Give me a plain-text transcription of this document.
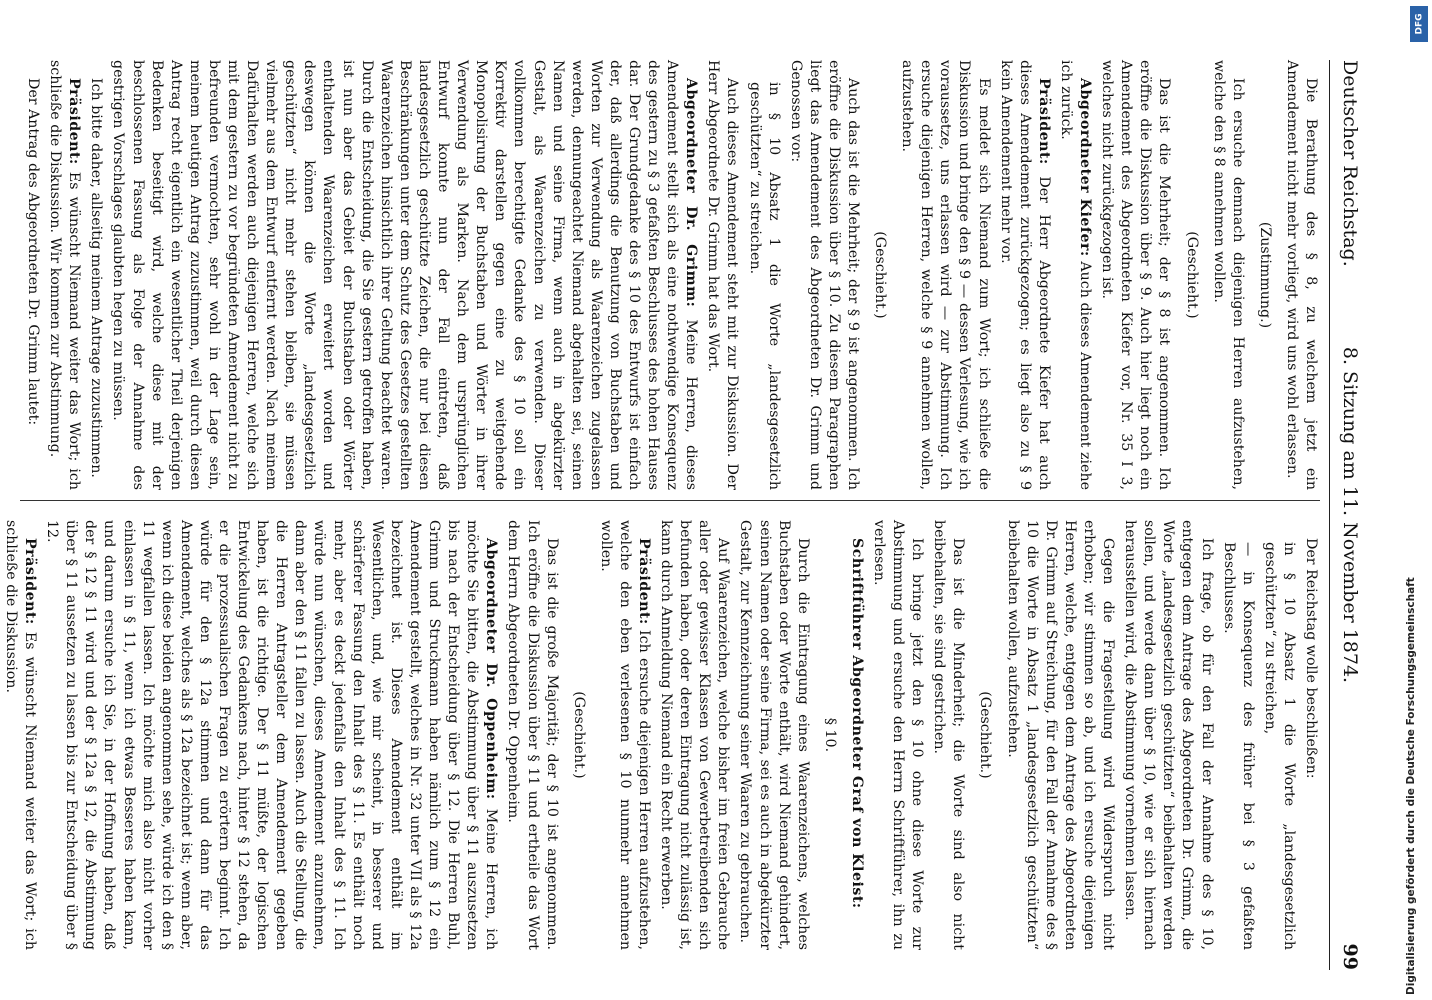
Deutscher Reichstag.
8. Sitzung am 11. November 1874.
99

Die Berathung des § 8, zu welchem jetzt ein Amendement nicht mehr vorliegt, wird uns wohl erlassen.

(Zustimmung.)

Ich ersuche demnach diejenigen Herren aufzustehen, welche den § 8 annehmen wollen.

(Geschieht.)

Das ist die Mehrheit; der § 8 ist angenommen. Ich eröffne die Diskussion über § 9. Auch hier liegt noch ein Amendement des Abgeordneten Kiefer vor, Nr. 35 I 3, welches nicht zurückgezogen ist.

Abgeordneter Kiefer: Auch dieses Amendement ziehe ich zurück.

Präsident: Der Herr Abgeordnete Kiefer hat auch dieses Amendement zurückgezogen; es liegt also zu § 9 kein Amendement mehr vor.

Es meldet sich Niemand zum Wort; ich schließe die Diskussion und bringe den § 9 — dessen Verlesung, wie ich voraussetze, uns erlassen wird — zur Abstimmung. Ich ersuche diejenigen Herren, welche § 9 annehmen wollen, aufzustehen.

(Geschieht.)

Auch das ist die Mehrheit; der § 9 ist angenommen. Ich eröffne die Diskussion über § 10. Zu diesem Paragraphen liegt das Amendement des Abgeordneten Dr. Grimm und Genossen vor:

in § 10 Absatz 1 die Worte „landesgesetzlich geschützten“ zu streichen.

Auch dieses Amendement steht mit zur Diskussion. Der Herr Abgeordnete Dr. Grimm hat das Wort.

Abgeordneter Dr. Grimm: Meine Herren, dieses Amendement stellt sich als eine nothwendige Konsequenz des gestern zu § 3 gefaßten Beschlusses des hohen Hauses dar. Der Grundgedanke des § 10 des Entwurfs ist einfach der, daß allerdings die Benutzung von Buchstaben und Worten zur Verwendung als Waarenzeichen zugelassen werden, dennungeachtet Niemand abgehalten sei, seinen Namen und seine Firma, wenn auch in abgekürzter Gestalt, als Waarenzeichen zu verwenden. Dieser vollkommen berechtigte Gedanke des § 10 soll ein Korrektiv darstellen gegen eine zu weitgehende Monopolisirung der Buchstaben und Wörter in ihrer Verwendung als Marken. Nach dem ursprünglichen Entwurf konnte nun der Fall eintreten, daß landesgesetzlich geschützte Zeichen, die nur bei diesen Beschränkungen unter dem Schutz des Gesetzes gestellten Waarenzeichen hinsichtlich ihrer Geltung beachtet waren. Durch die Entscheidung, die Sie gestern getroffen haben, ist nun aber das Gebiet der Buchstaben oder Wörter enthaltenden Waarenzeichen erweitert worden und deswegen können die Worte „landesgesetzlich geschützten“ nicht mehr stehen bleiben, sie müssen vielmehr aus dem Entwurf entfernt werden. Nach meinem Dafürhalten werden auch diejenigen Herren, welche sich mit dem gestern zu vor begründeten Amendement nicht zu befreunden vermochten, sehr wohl in der Lage sein, meinem heutigen Antrag zuzustimmen, weil durch diesen Antrag recht eigentlich ein wesentlicher Theil derjenigen Bedenken beseitigt wird, welche diese mit der beschlossenen Fassung als Folge der Annahme des gestrigen Vorschlages glaubten hegen zu müssen.

Ich bitte daher, allseitig meinem Antrage zuzustimmen.

Präsident: Es wünscht Niemand weiter das Wort; ich schließe die Diskussion. Wir kommen zur Abstimmung.

Der Antrag des Abgeordneten Dr. Grimm lautet:

Der Reichstag wolle beschließen:

in § 10 Absatz 1 die Worte „landesgesetzlich geschützten“ zu streichen,

— in Konsequenz des früher bei § 3 gefaßten Beschlusses.

Ich frage, ob für den Fall der Annahme des § 10, entgegen dem Antrage des Abgeordneten Dr. Grimm, die Worte „landesgesetzlich geschützten“ beibehalten werden sollen, und werde dann über § 10, wie er sich hiernach herausstellen wird, die Abstimmung vornehmen lassen.

Gegen die Fragestellung wird Widerspruch nicht erhoben; wir stimmen so ab, und ich ersuche diejenigen Herren, welche, entgegen dem Antrage des Abgeordneten Dr. Grimm auf Streichung, für den Fall der Annahme des § 10 die Worte in Absatz 1 „landesgesetzlich geschützten“ beibehalten wollen, aufzustehen.

(Geschieht.)

Das ist die Minderheit; die Worte sind also nicht beibehalten, sie sind gestrichen.

Ich bringe jetzt den § 10 ohne diese Worte zur Abstimmung und ersuche den Herrn Schriftführer, ihn zu verlesen.

Schriftführer Abgeordneter Graf von Kleist:

§ 10.

Durch die Eintragung eines Waarenzeichens, welches Buchstaben oder Worte enthält, wird Niemand gehindert, seinen Namen oder seine Firma, sei es auch in abgekürzter Gestalt, zur Kennzeichnung seiner Waaren zu gebrauchen.

Auf Waarenzeichen, welche bisher im freien Gebrauche aller oder gewisser Klassen von Gewerbetreibenden sich befunden haben, oder deren Eintragung nicht zulässig ist, kann durch Anmeldung Niemand ein Recht erwerben.

Präsident: Ich ersuche diejenigen Herren aufzustehen, welche den eben verlesenen § 10 nunmehr annehmen wollen.

(Geschieht.)

Das ist die große Majorität; der § 10 ist angenommen. Ich eröffne die Diskussion über § 11 und ertheile das Wort dem Herrn Abgeordneten Dr. Oppenheim.

Abgeordneter Dr. Oppenheim: Meine Herren, ich möchte Sie bitten, die Abstimmung über § 11 auszusetzen bis nach der Entscheidung über § 12. Die Herren Buhl, Grimm und Struckmann haben nämlich zum § 12 ein Amendement gestellt, welches in Nr. 32 unter VII als § 12a bezeichnet ist. Dieses Amendement enthält im Wesentlichen, und, wie mir scheint, in besserer und schärferer Fassung den Inhalt des § 11. Es enthält noch mehr, aber es deckt jedenfalls den Inhalt des § 11. Ich würde nun wünschen, dieses Amendement anzunehmen, dann aber den § 11 fallen zu lassen. Auch die Stellung, die die Herren Antragsteller dem Amendement gegeben haben, ist die richtige. Der § 11 müßte, der logischen Entwickelung des Gedankens nach, hinter § 12 stehen, da er die prozessualischen Fragen zu erörtern beginnt. Ich würde für den § 12a stimmen und dann für das Amendement, welches als § 12a bezeichnet ist; wenn aber, wenn ich diese beiden angenommen sehe, würde ich den § 11 wegfallen lassen. Ich möchte mich also nicht vorher einlassen in § 11, wenn ich etwas Besseres haben kann, und darum ersuche ich Sie, in der Hoffnung haben, daß der § 12 § 11 wird und der § 12a § 12, die Abstimmung über § 11 aussetzen zu lassen bis zur Entscheidung über § 12.

Präsident: Es wünscht Niemand weiter das Wort; ich schließe die Diskussion.

DFG
Digitalisierung gefördert durch die Deutsche Forschungsgemeinschaft
